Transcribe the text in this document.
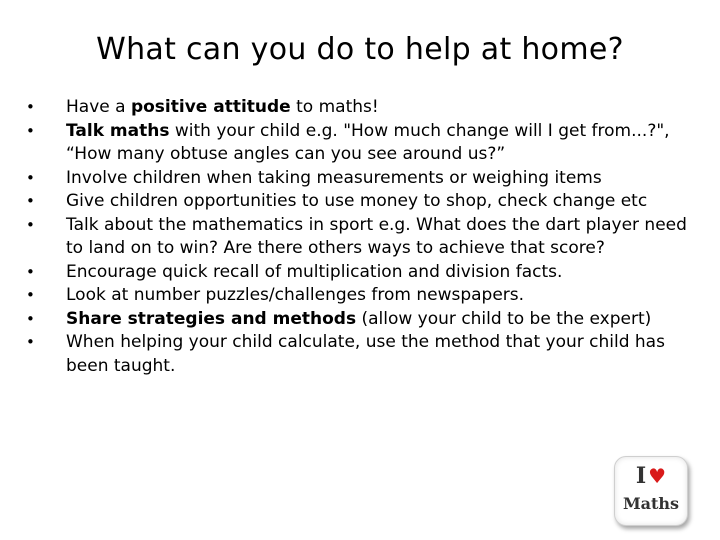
What can you do to help at home?
• Have a positive attitude to maths!
• Talk maths with your child e.g. "How much change will I get from...?", “How many obtuse angles can you see around us?”
• Involve children when taking measurements or weighing items
• Give children opportunities to use money to shop, check change etc
• Talk about the mathematics in sport e.g. What does the dart player need to land on to win? Are there others ways to achieve that score?
• Encourage quick recall of multiplication and division facts.
• Look at number puzzles/challenges from newspapers.
• Share strategies and methods (allow your child to be the expert)
• When helping your child calculate, use the method that your child has been taught.
I ♥
Maths
